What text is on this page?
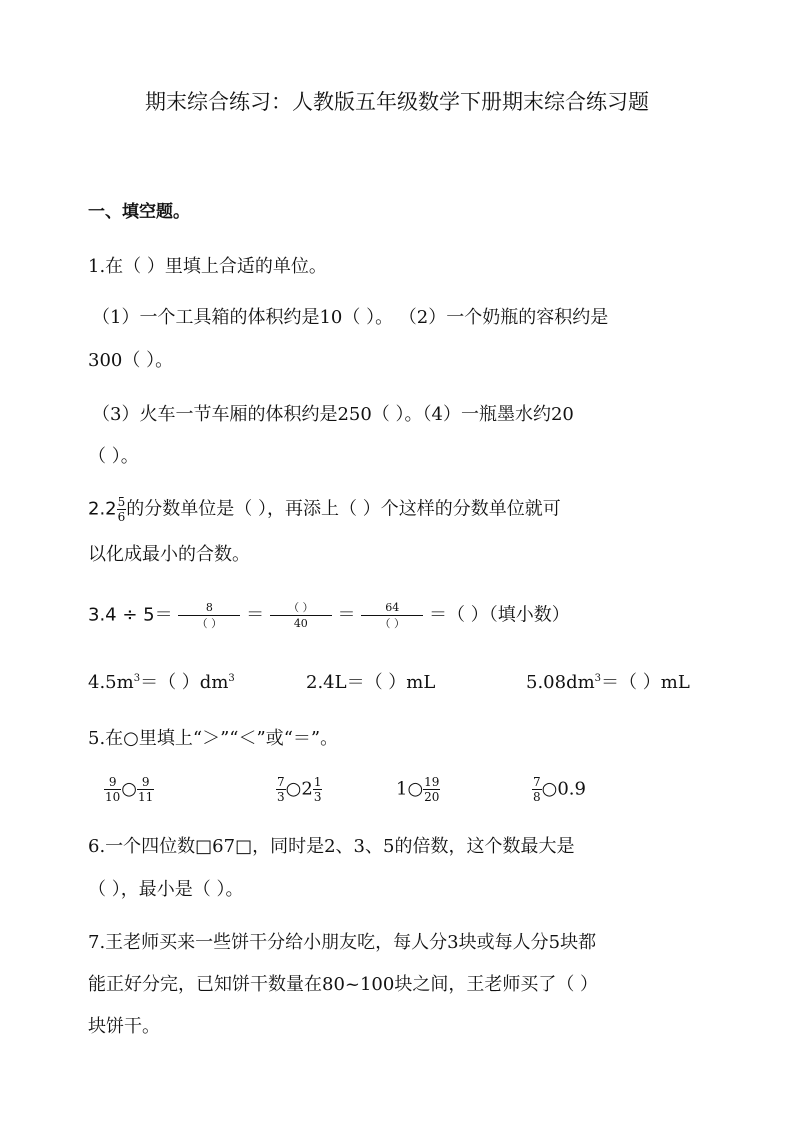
期末综合练习：人教版五年级数学下册期末综合练习题
一、填空题。
1.在（ ）里填上合适的单位。
（1）一个工具箱的体积约是10（ ）。 （2）一个奶瓶的容积约是
300（ ）。
（3）火车一节车厢的体积约是250（ ）。（4）一瓶墨水约20
（ ）。
$2.2 \frac{5}{6}$ 的分数单位是（ ），再添上（ ）个这样的分数单位就可
以化成最小的合数。
3.4 ÷ 5＝	8
（ ） ＝ （ ）
40 ＝	64
（ ） ＝（ ）（填小数）
$4.5m^3=$（ ）$dm^3$	2.4L＝（ ）mL	$5.08dm^3=$（ ）mL
5.在○里填上“＞”“＜”或“＝”。
$\frac{9}{10}$ ○ $\frac{9}{11}$	$\frac{7}{3}$ ○2 $\frac{1}{3}$	1○ $\frac{19}{20}$	$\frac{7}{8}$ ○0.9
6.一个四位数□67□，同时是2、3、5的倍数，这个数最大是
（ ），最小是（ ）。
7.王老师买来一些饼干分给小朋友吃，每人分3块或每人分5块都
能正好分完，已知饼干数量在80~100块之间，王老师买了（ ）
块饼干。
